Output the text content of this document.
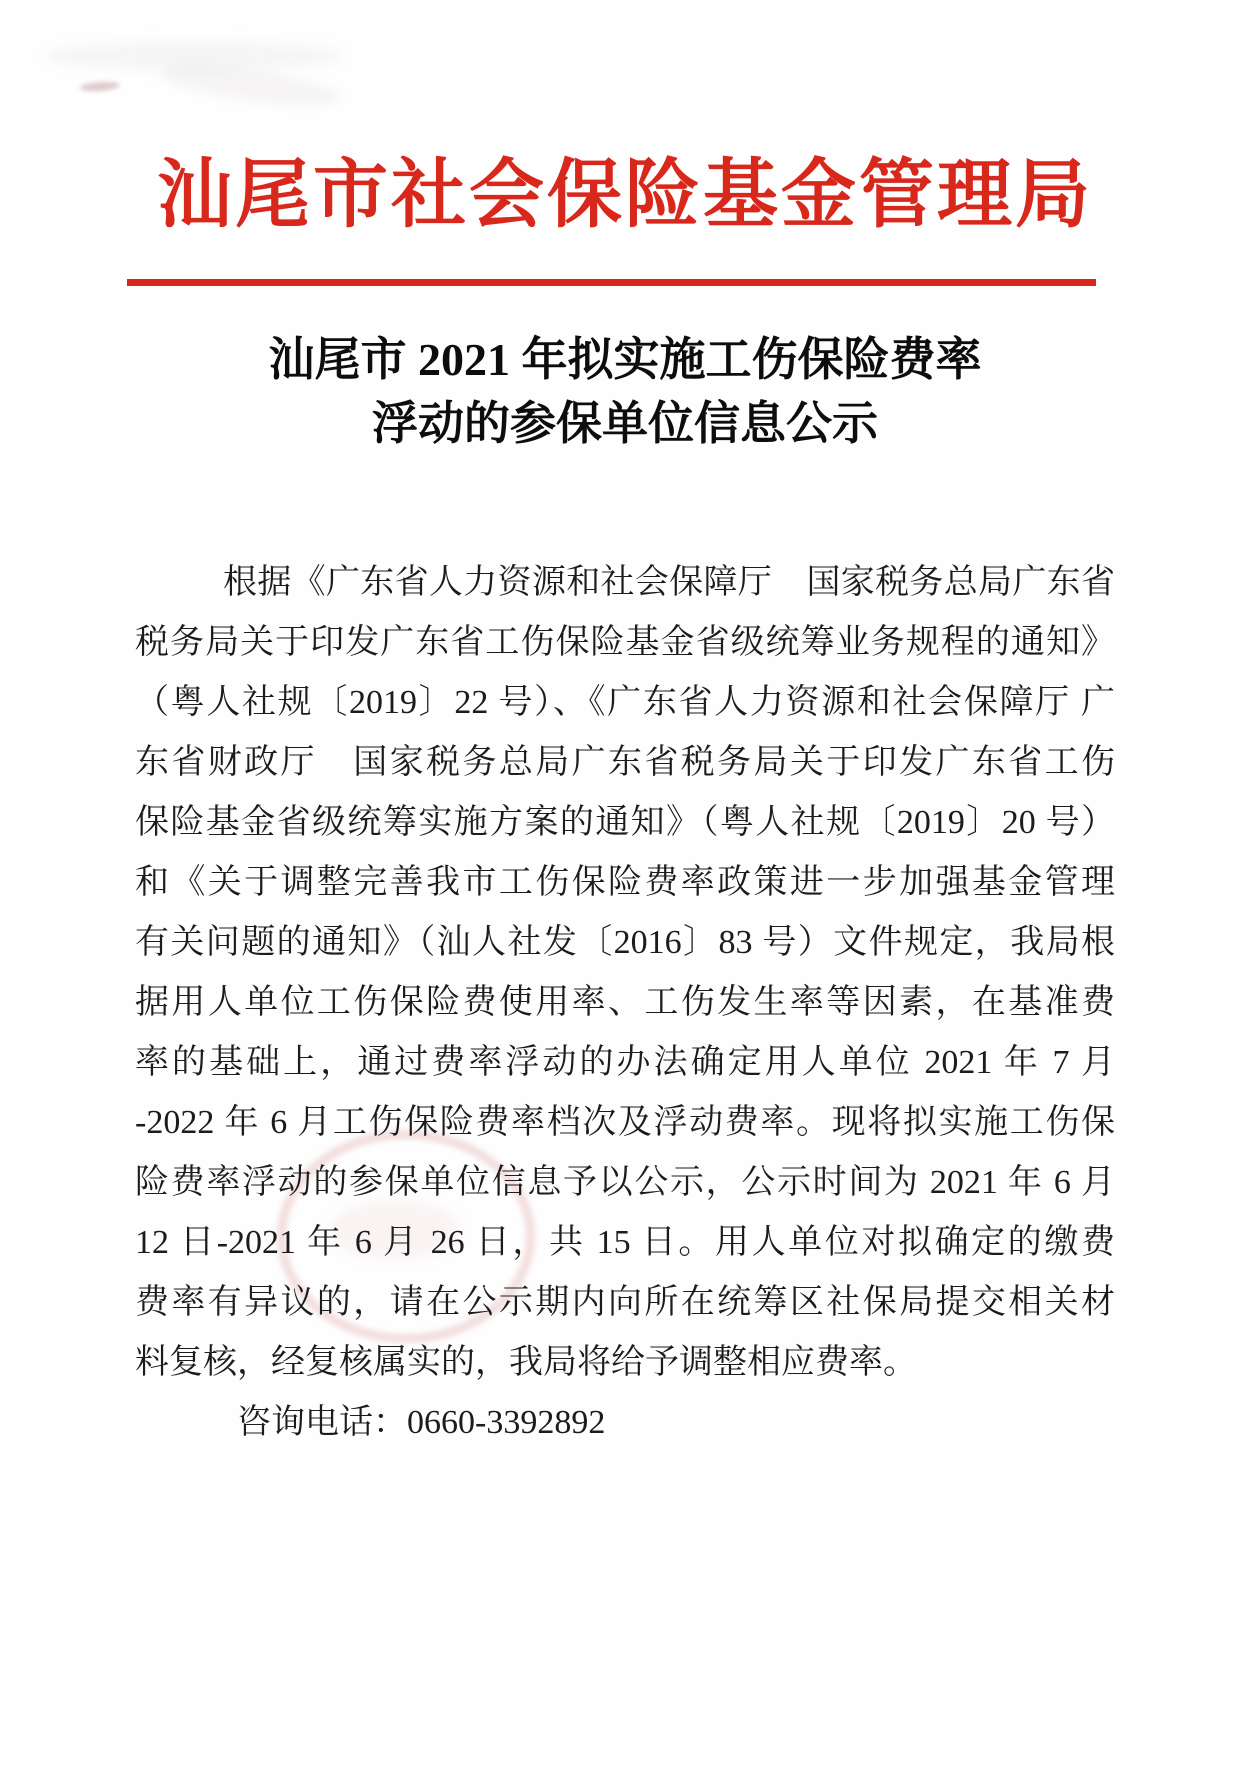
汕尾市社会保险基金管理局
汕尾市 2021 年拟实施工伤保险费率
浮动的参保单位信息公示
根据《广东省人力资源和社会保障厅　国家税务总局广东省
税务局关于印发广东省工伤保险基金省级统筹业务规程的通知》
（粤人社规〔2019〕22 号）、《广东省人力资源和社会保障厅 广
东省财政厅　国家税务总局广东省税务局关于印发广东省工伤
保险基金省级统筹实施方案的通知》（粤人社规〔2019〕20 号）
和《关于调整完善我市工伤保险费率政策进一步加强基金管理
有关问题的通知》（汕人社发〔2016〕83 号）文件规定，我局根
据用人单位工伤保险费使用率、工伤发生率等因素，在基准费
率的基础上，通过费率浮动的办法确定用人单位 2021 年 7 月
-2022 年 6 月工伤保险费率档次及浮动费率。现将拟实施工伤保
险费率浮动的参保单位信息予以公示，公示时间为 2021 年 6 月
12 日-2021 年 6 月 26 日，共 15 日。用人单位对拟确定的缴费
费率有异议的，请在公示期内向所在统筹区社保局提交相关材
料复核，经复核属实的，我局将给予调整相应费率。
咨询电话：0660-3392892
